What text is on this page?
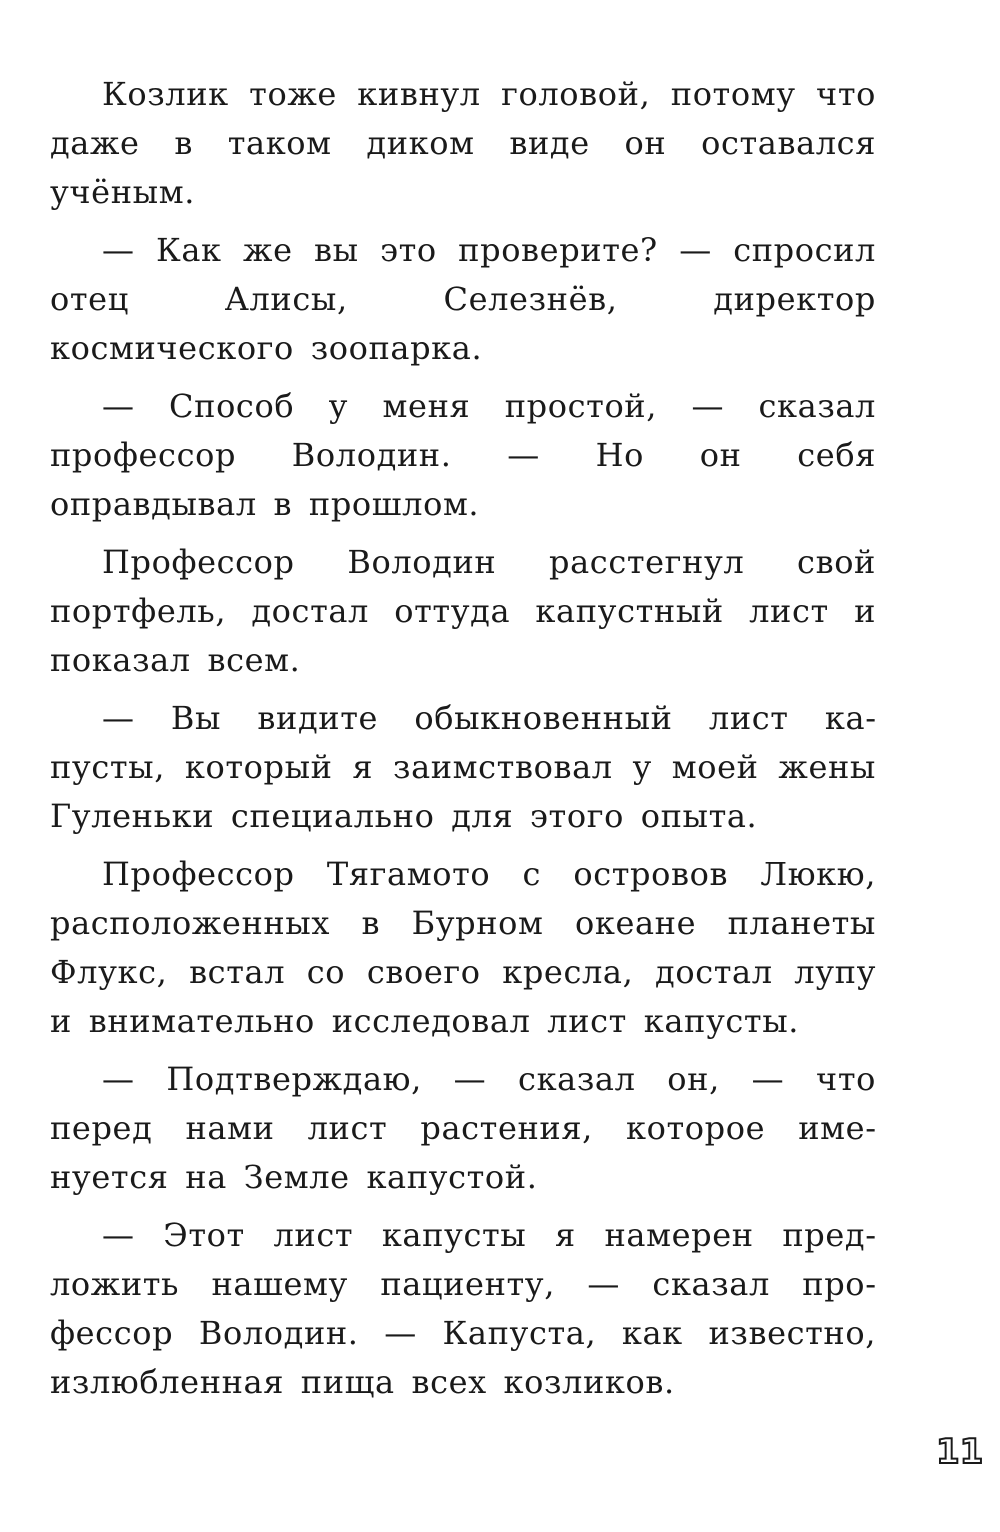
Козлик тоже кивнул головой, потому что даже в таком диком виде он оставался учёным.

— Как же вы это проверите? — спросил отец Алисы, Селезнёв, директор космического зоопарка.

— Способ у меня простой, — сказал профессор Володин. — Но он себя оправдывал в прошлом.

Профессор Володин расстегнул свой портфель, достал оттуда капустный лист и показал всем.

— Вы видите обыкновенный лист капусты, который я заимствовал у моей жены Гуленьки специально для этого опыта.

Профессор Тягамото с островов Люкю, расположенных в Бурном океане планеты Флукс, встал со своего кресла, достал лупу и внимательно исследовал лист капусты.

— Подтверждаю, — сказал он, — что перед нами лист растения, которое именуется на Земле капустой.

— Этот лист капусты я намерен предложить нашему пациенту, — сказал профессор Володин. — Капуста, как известно, излюбленная пища всех козликов.

11
